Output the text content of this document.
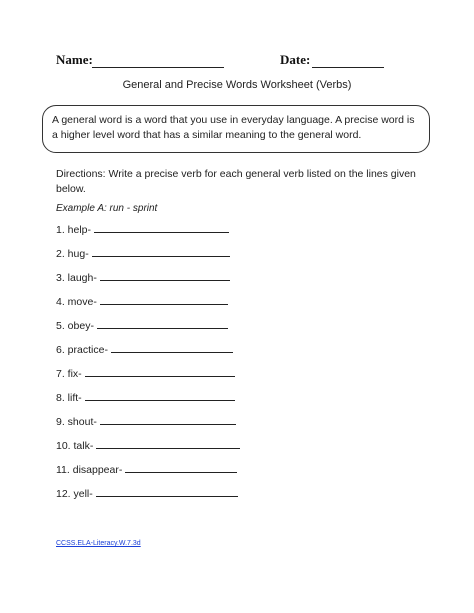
Name:	Date:
General and Precise Words Worksheet (Verbs)
A general word is a word that you use in everyday language. A precise word is a higher level word that has a similar meaning to the general word.
Directions: Write a precise verb for each general verb listed on the lines given below.
Example A: run - sprint
1. help-
2. hug-
3. laugh-
4. move-
5. obey-
6. practice-
7. fix-
8. lift-
9. shout-
10. talk-
11. disappear-
12. yell-
CCSS.ELA-Literacy.W.7.3d
